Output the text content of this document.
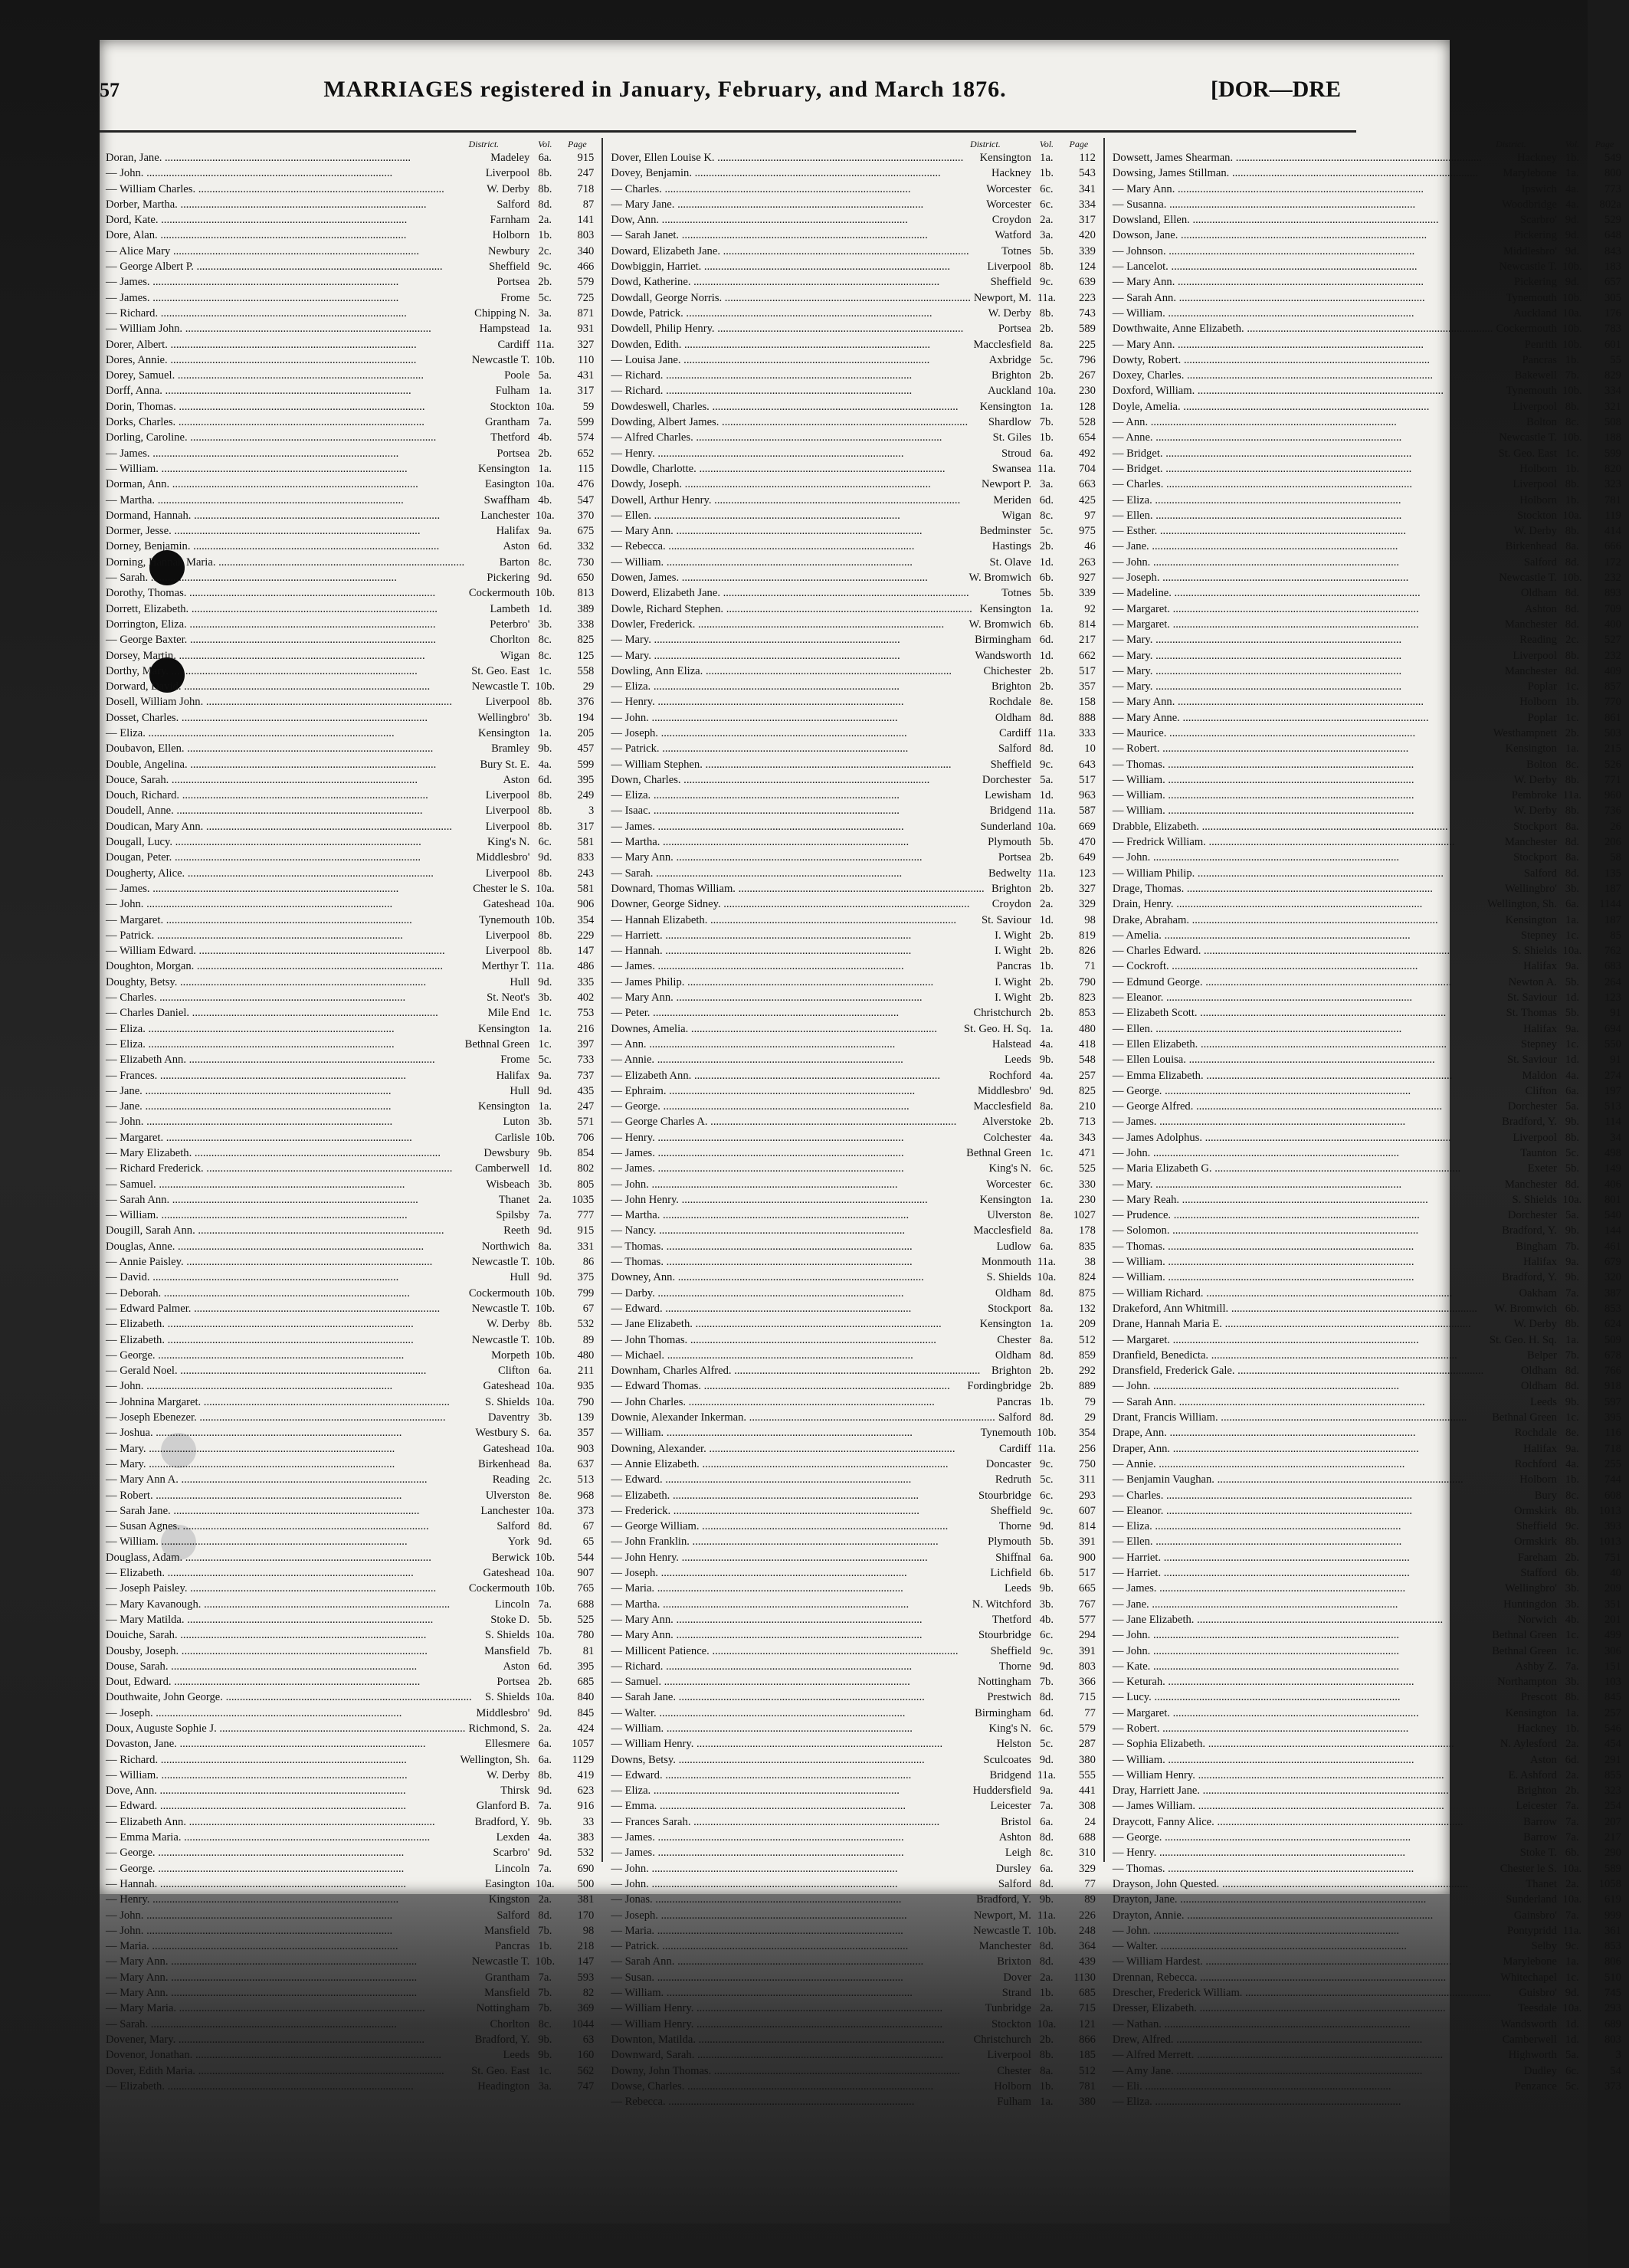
57	MARRIAGES registered in January, February, and March 1876.	[DOR—DRE
District.	Vol.	Page
Doran, Jane. .....	Madeley 6a.	915
— John. .....	Liverpool 8b.	247
— William Charles. .....	W. Derby 8b.	718
Dorber, Martha. .....	Salford 8d.	87
Dord, Kate. .....	Farnham 2a.	141
Dore, Alan. .....	Holborn 1b.	803
— Alice Mary .....	Newbury 2c.	340
— George Albert P. .....	Sheffield 9c.	466
— James. .....	Portsea 2b.	579
— James. .....	Frome 5c.	725
— Richard. .....	Chipping N. 3a.	871
— William John. .....	Hampstead 1a.	931
Dorer, Albert. .....	Cardiff 11a.	327
Dores, Annie. .....	Newcastle T. 10b.	110
Dorey, Samuel. .....	Poole 5a.	431
Dorff, Anna. .....	Fulham 1a.	317
Dorin, Thomas. .....	Stockton 10a.	59
Dorks, Charles. .....	Grantham 7a.	599
Dorling, Caroline. .....	Thetford 4b.	574
— James. .....	Portsea 2b.	652
— William. .....	Kensington 1a.	115
Dorman, Ann. .....	Easington 10a.	476
— Martha. .....	Swaffham 4b.	547
Dormand, Hannah. .....	Lanchester 10a.	370
Dormer, Jesse. .....	Halifax 9a.	675
Dorney, Benjamin. .....	Aston 6d.	332
Dorning, Hannah Maria. .....	Barton 8c.	730
— Sarah. .....	Pickering 9d.	650
Dorothy, Thomas. .....	Cockermouth 10b.	813
Dorrett, Elizabeth. .....	Lambeth 1d.	389
Dorrington, Eliza. .....	Peterbro' 3b.	338
— George Baxter. .....	Chorlton 8c.	825
Dorsey, Martin. .....	Wigan 8c.	125
Dorthy, Mary. .....	St. Geo. East 1c.	558
Dorward, David. .....	Newcastle T. 10b.	29
Dosell, William John. .....	Liverpool 8b.	376
Dosset, Charles. .....	Wellingbro' 3b.	194
— Eliza. .....	Kensington 1a.	205
Doubavon, Ellen. .....	Bramley 9b.	457
Double, Angelina. .....	Bury St. E. 4a.	599
Douce, Sarah. .....	Aston 6d.	395
Douch, Richard. .....	Liverpool 8b.	249
Doudell, Anne. .....	Liverpool 8b.	3
Doudican, Mary Ann. .....	Liverpool 8b.	317
Dougall, Lucy. .....	King's N. 6c.	581
Dougan, Peter. .....	Middlesbro' 9d.	833
Dougherty, Alice. .....	Liverpool 8b.	243
— James. .....	Chester le S. 10a.	581
— John. .....	Gateshead 10a.	906
— Margaret. .....	Tynemouth 10b.	354
— Patrick. .....	Liverpool 8b.	229
— William Edward. .....	Liverpool 8b.	147
Doughton, Morgan. .....	Merthyr T. 11a.	486
Doughty, Betsy. .....	Hull 9d.	335
— Charles. .....	St. Neot's 3b.	402
— Charles Daniel. .....	Mile End 1c.	753
— Eliza. .....	Kensington 1a.	216
— Eliza. .....	Bethnal Green 1c.	397
— Elizabeth Ann. .....	Frome 5c.	733
— Frances. .....	Halifax 9a.	737
— Jane. .....	Hull 9d.	435
— Jane. .....	Kensington 1a.	247
— John. .....	Luton 3b.	571
— Margaret. .....	Carlisle 10b.	706
— Mary Elizabeth. .....	Dewsbury 9b.	854
— Richard Frederick. .....	Camberwell 1d.	802
— Samuel. .....	Wisbeach 3b.	805
— Sarah Ann. .....	Thanet 2a.	1035
— William. .....	Spilsby 7a.	777
Dougill, Sarah Ann. .....	Reeth 9d.	915
Douglas, Anne. .....	Northwich 8a.	331
— Annie Paisley. .....	Newcastle T. 10b.	86
— David. .....	Hull 9d.	375
— Deborah. .....	Cockermouth 10b.	799
— Edward Palmer. .....	Newcastle T. 10b.	67
— Elizabeth. .....	W. Derby 8b.	532
— Elizabeth. .....	Newcastle T. 10b.	89
— George. .....	Morpeth 10b.	480
— Gerald Noel. .....	Clifton 6a.	211
— John. .....	Gateshead 10a.	935
— Johnina Margaret. .....	S. Shields 10a.	790
— Joseph Ebenezer. .....	Daventry 3b.	139
— Joshua. .....	Westbury S. 6a.	357
— Mary. .....	Gateshead 10a.	903
— Mary. .....	Birkenhead 8a.	637
— Mary Ann A. .....	Reading 2c.	513
— Robert. .....	Ulverston 8e.	968
— Sarah Jane. .....	Lanchester 10a.	373
— Susan Agnes. .....	Salford 8d.	67
— William. .....	York 9d.	65
Douglass, Adam. .....	Berwick 10b.	544
— Elizabeth. .....	Gateshead 10a.	907
— Joseph Paisley. .....	Cockermouth 10b.	765
— Mary Kavanough. .....	Lincoln 7a.	688
— Mary Matilda. .....	Stoke D. 5b.	525
Douiche, Sarah. .....	S. Shields 10a.	780
Dousby, Joseph. .....	Mansfield 7b.	81
Douse, Sarah. .....	Aston 6d.	395
Dout, Edward. .....	Portsea 2b.	685
Douthwaite, John George. .....	S. Shields 10a.	840
— Joseph. .....	Middlesbro' 9d.	845
Doux, Auguste Sophie J. .....	Richmond, S. 2a.	424
Dovaston, Jane. .....	Ellesmere 6a.	1057
— Richard. .....	Wellington, Sh. 6a.	1129
— William. .....	W. Derby 8b.	419
Dove, Ann. .....	Thirsk 9d.	623
— Edward. .....	Glanford B. 7a.	916
— Elizabeth Ann. .....	Bradford, Y. 9b.	33
— Emma Maria. .....	Lexden 4a.	383
— George. .....	Scarbro' 9d.	532
— George. .....	Lincoln 7a.	690
— Hannah. .....	Easington 10a.	500
— Henry. .....	Kingston 2a.	381
— John. .....	Salford 8d.	170
— John. .....	Mansfield 7b.	98
— Maria. .....	Pancras 1b.	218
— Mary Ann. .....	Newcastle T. 10b.	147
— Mary Ann. .....	Grantham 7a.	593
— Mary Ann. .....	Mansfield 7b.	82
— Mary Maria. .....	Nottingham 7b.	369
— Sarah. .....	Chorlton 8c.	1044
Dovener, Mary. .....	Bradford, Y. 9b.	63
Dovenor, Jonathan. .....	Leeds 9b.	160
Dover, Edith Maria. .....	St. Geo. East 1c.	562
— Elizabeth. .....	Headington 3a.	747
District.	Vol.	Page
Dover, Ellen Louise K. .....	Kensington 1a.	112
Dovey, Benjamin. .....	Hackney 1b.	543
— Charles. .....	Worcester 6c.	341
— Mary Jane. .....	Worcester 6c.	334
Dow, Ann. .....	Croydon 2a.	317
— Sarah Janet. .....	Watford 3a.	420
Doward, Elizabeth Jane. .....	Totnes 5b.	339
Dowbiggin, Harriet. .....	Liverpool 8b.	124
Dowd, Katherine. .....	Sheffield 9c.	639
Dowdall, George Norris. .....	Newport, M. 11a.	223
Dowde, Patrick. .....	W. Derby 8b.	743
Dowdell, Philip Henry. .....	Portsea 2b.	589
Dowden, Edith. .....	Macclesfield 8a.	225
— Louisa Jane. .....	Axbridge 5c.	796
— Richard. .....	Brighton 2b.	267
— Richard. .....	Auckland 10a.	230
Dowdeswell, Charles. .....	Kensington 1a.	128
Dowding, Albert James. .....	Shardlow 7b.	528
— Alfred Charles. .....	St. Giles 1b.	654
— Henry. .....	Stroud 6a.	492
Dowdle, Charlotte. .....	Swansea 11a.	704
Dowdy, Joseph. .....	Newport P. 3a.	663
Dowell, Arthur Henry. .....	Meriden 6d.	425
— Ellen. .....	Wigan 8c.	97
— Mary Ann. .....	Bedminster 5c.	975
— Rebecca. .....	Hastings 2b.	46
— William. .....	St. Olave 1d.	263
Dowen, James. .....	W. Bromwich 6b.	927
Dowerd, Elizabeth Jane. .....	Totnes 5b.	339
Dowle, Richard Stephen. .....	Kensington 1a.	92
Dowler, Frederick. .....	W. Bromwich 6b.	814
— Mary. .....	Birmingham 6d.	217
— Mary. .....	Wandsworth 1d.	662
Dowling, Ann Eliza. .....	Chichester 2b.	517
— Eliza. .....	Brighton 2b.	357
— Henry. .....	Rochdale 8e.	158
— John. .....	Oldham 8d.	888
— Joseph. .....	Cardiff 11a.	333
— Patrick. .....	Salford 8d.	10
— William Stephen. .....	Sheffield 9c.	643
Down, Charles. .....	Dorchester 5a.	517
— Eliza. .....	Lewisham 1d.	963
— Isaac. .....	Bridgend 11a.	587
— James. .....	Sunderland 10a.	669
— Martha. .....	Plymouth 5b.	470
— Mary Ann. .....	Portsea 2b.	649
— Sarah. .....	Bedwelty 11a.	123
Downard, Thomas William. .....	Brighton 2b.	327
Downer, George Sidney. .....	Croydon 2a.	329
— Hannah Elizabeth. .....	St. Saviour 1d.	98
— Harriett. .....	I. Wight 2b.	819
— Hannah. .....	I. Wight 2b.	826
— James. .....	Pancras 1b.	71
— James Philip. .....	I. Wight 2b.	790
— Mary Ann. .....	I. Wight 2b.	823
— Peter. .....	Christchurch 2b.	853
Downes, Amelia. .....	St. Geo. H. Sq. 1a.	480
— Ann. .....	Halstead 4a.	418
— Annie. .....	Leeds 9b.	548
— Elizabeth Ann. .....	Rochford 4a.	257
— Ephraim. .....	Middlesbro' 9d.	825
— George. .....	Macclesfield 8a.	210
— George Charles A. .....	Alverstoke 2b.	713
— Henry. .....	Colchester 4a.	343
— James. .....	Bethnal Green 1c.	471
— James. .....	King's N. 6c.	525
— John. .....	Worcester 6c.	330
— John Henry. .....	Kensington 1a.	230
— Martha. .....	Ulverston 8e.	1027
— Nancy. .....	Macclesfield 8a.	178
— Thomas. .....	Ludlow 6a.	835
— Thomas. .....	Monmouth 11a.	38
Downey, Ann. .....	S. Shields 10a.	824
— Darby. .....	Oldham 8d.	875
— Edward. .....	Stockport 8a.	132
— Jane Elizabeth. .....	Kensington 1a.	209
— John Thomas. .....	Chester 8a.	512
— Michael. .....	Oldham 8d.	859
Downham, Charles Alfred. .....	Brighton 2b.	292
— Edward Thomas. .....	Fordingbridge 2b.	889
— John Charles. .....	Pancras 1b.	79
Downie, Alexander Inkerman. .....	Salford 8d.	29
— William. .....	Tynemouth 10b.	354
Downing, Alexander. .....	Cardiff 11a.	256
— Annie Elizabeth. .....	Doncaster 9c.	750
— Edward. .....	Redruth 5c.	311
— Elizabeth. .....	Stourbridge 6c.	293
— Frederick. .....	Sheffield 9c.	607
— George William. .....	Thorne 9d.	814
— John Franklin. .....	Plymouth 5b.	391
— John Henry. .....	Shiffnal 6a.	900
— Joseph. .....	Lichfield 6b.	517
— Maria. .....	Leeds 9b.	665
— Martha. .....	N. Witchford 3b.	767
— Mary Ann. .....	Thetford 4b.	577
— Mary Ann. .....	Stourbridge 6c.	294
— Millicent Patience. .....	Sheffield 9c.	391
— Richard. .....	Thorne 9d.	803
— Samuel. .....	Nottingham 7b.	366
— Sarah Jane. .....	Prestwich 8d.	715
— Walter. .....	Birmingham 6d.	77
— William. .....	King's N. 6c.	579
— William Henry. .....	Helston 5c.	287
Downs, Betsy. .....	Sculcoates 9d.	380
— Edward. .....	Bridgend 11a.	555
— Eliza. .....	Huddersfield 9a.	441
— Emma. .....	Leicester 7a.	308
— Frances Sarah. .....	Bristol 6a.	24
— James. .....	Ashton 8d.	688
— James. .....	Leigh 8c.	310
— John. .....	Dursley 6a.	329
— John. .....	Salford 8d.	77
— Jonas. .....	Bradford, Y. 9b.	89
— Joseph. .....	Newport, M. 11a.	226
— Maria. .....	Newcastle T. 10b.	248
— Patrick. .....	Manchester 8d.	364
— Sarah Ann. .....	Brixton 8d.	439
— Susan. .....	Dover 2a.	1130
— William. .....	Strand 1b.	685
— William Henry. .....	Tunbridge 2a.	715
— William Henry. .....	Stockton 10a.	121
Downton, Matilda. .....	Christchurch 2b.	866
Downward, Sarah. .....	Liverpool 8b.	185
Downy, John Thomas. .....	Chester 8a.	512
Dowse, Charles. .....	Holborn 1b.	781
— Rebecca. .....	Fulham 1a.	380
District.	Vol.	Page
Dowsett, James Shearman. .....	Hackney 1b.	549
Dowsing, James Stillman. .....	Marylebone 1a.	800
— Mary Ann. .....	Ipswich 4a.	773
— Susanna. .....	Woodbridge 4a.	802a
Dowsland, Ellen. .....	Scarbro' 9d.	529
Dowson, Jane. .....	Pickering 9d.	648
— Johnson. .....	Middlesbro' 9d.	843
— Lancelot. .....	Newcastle T. 10b.	183
— Mary Ann. .....	Pickering 9d.	657
— Sarah Ann. .....	Tynemouth 10b.	305
— William. .....	Auckland 10a.	176
Dowthwaite, Anne Elizabeth. .....	Cockermouth 10b.	783
— Mary Ann. .....	Penrith 10b.	601
Dowty, Robert. .....	Pancras 1b.	55
Doxey, Charles. .....	Bakewell 7b.	829
Doxford, William. .....	Tynemouth 10b.	334
Doyle, Amelia. .....	Liverpool 8b.	321
— Ann. .....	Bolton 8c.	508
— Anne. .....	Newcastle T. 10b.	188
— Bridget. .....	St. Geo. East 1c.	599
— Bridget. .....	Holborn 1b.	820
— Charles. .....	Liverpool 8b.	323
— Eliza. .....	Holborn 1b.	781
— Ellen. .....	Stockton 10a.	119
— Esther. .....	W. Derby 8b.	414
— Jane. .....	Birkenhead 8a.	666
— John. .....	Salford 8d.	172
— Joseph. .....	Newcastle T. 10b.	232
— Madeline. .....	Oldham 8d.	893
— Margaret. .....	Ashton 8d.	709
— Margaret. .....	Manchester 8d.	400
— Mary. .....	Reading 2c.	527
— Mary. .....	Liverpool 8b.	232
— Mary. .....	Manchester 8d.	409
— Mary. .....	Poplar 1c.	857
— Mary Ann. .....	Holborn 1b.	770
— Mary Anne. .....	Poplar 1c.	861
— Maurice. .....	Westhampnett 2b.	503
— Robert. .....	Kensington 1a.	215
— Thomas. .....	Bolton 8c.	526
— William. .....	W. Derby 8b.	771
— William. .....	Pembroke 11a.	960
— William. .....	W. Derby 8b.	736
Drabble, Elizabeth. .....	Stockport 8a.	26
— Fredrick William. .....	Manchester 8d.	206
— John. .....	Stockport 8a.	58
— William Philip. .....	Salford 8d.	135
Drage, Thomas. .....	Wellingbro' 3b.	187
Drain, Henry. .....	Wellington, Sh. 6a.	1144
Drake, Abraham. .....	Kensington 1a.	187
— Amelia. .....	Stepney 1c.	85
— Charles Edward. .....	S. Shields 10a.	762
— Cockroft. .....	Halifax 9a.	683
— Edmund George. .....	Newton A. 5b.	264
— Eleanor. .....	St. Saviour 1d.	123
— Elizabeth Scott. .....	St. Thomas 5b.	91
— Ellen. .....	Halifax 9a.	694
— Ellen Elizabeth. .....	Stepney 1c.	550
— Ellen Louisa. .....	St. Saviour 1d.	91
— Emma Elizabeth. .....	Maldon 4a.	274
— George. .....	Clifton 6a.	197
— George Alfred. .....	Dorchester 5a.	513
— James. .....	Bradford, Y. 9b.	114
— James Adolphus. .....	Liverpool 8b.	34
— John. .....	Taunton 5c.	498
— Maria Elizabeth G. .....	Exeter 5b.	149
— Mary. .....	Manchester 8d.	406
— Mary Reah. .....	S. Shields 10a.	801
— Prudence. .....	Dorchester 5a.	540
— Solomon. .....	Bradford, Y. 9b.	144
— Thomas. .....	Bingham 7b.	461
— William. .....	Halifax 9a.	679
— William. .....	Bradford, Y. 9b.	320
— William Richard. .....	Oakham 7a.	387
Drakeford, Ann Whitmill. .....	W. Bromwich 6b.	853
Drane, Hannah Maria E. .....	W. Derby 8b.	624
— Margaret. .....	St. Geo. H. Sq. 1a.	509
Dranfield, Benedicta. .....	Belper 7b.	678
Dransfield, Frederick Gale. .....	Oldham 8d.	766
— John. .....	Oldham 8d.	918
— Sarah Ann. .....	Leeds 9b.	597
Drant, Francis William. .....	Bethnal Green 1c.	395
Drape, Ann. .....	Rochdale 8e.	116
Draper, Ann. .....	Halifax 9a.	718
— Annie. .....	Rochford 4a.	255
— Benjamin Vaughan. .....	Holborn 1b.	744
— Charles. .....	Bury 8c.	608
— Eleanor. .....	Ormskirk 8b.	1013
— Eliza. .....	Sheffield 9c.	393
— Ellen. .....	Ormskirk 8b.	1013
— Harriet. .....	Fareham 2b.	751
— Harriet. .....	Stafford 6b.	40
— James. .....	Wellingbro' 3b.	209
— Jane. .....	Huntingdon 3b.	351
— Jane Elizabeth. .....	Norwich 4b.	201
— John. .....	Bethnal Green 1c.	499
— John. .....	Bethnal Green 1c.	306
— Kate. .....	Ashby Z. 7a.	151
— Keturah. .....	Northampton 3b.	103
— Lucy. .....	Prescott 8b.	845
— Margaret. .....	Kensington 1a.	257
— Robert. .....	Hackney 1b.	546
— Sophia Elizabeth. .....	N. Aylesford 2a.	454
— William. .....	Aston 6d.	291
— William Henry. .....	E. Ashford 2a.	855
Dray, Harriett Jane. .....	Brighton 2b.	323
— James William. .....	Leicester 7a.	254
Draycott, Fanny Alice. .....	Barrow 7a.	207
— George. .....	Barrow 7a.	217
— Henry. .....	Stoke T. 6b.	290
— Thomas. .....	Chester le S. 10a.	589
Drayson, John Quested. .....	Thanet 2a.	1058
Drayton, Jane. .....	Sunderland 10a.	619
Drayton, Annie. .....	Gainsbro' 7a.	999
— John. .....	Pontypridd 11a.	361
— Walter. .....	Selby 9c.	853
— William Hardest. .....	Marylebone 1a.	806
Drennan, Rebecca. .....	Whitechapel 1c.	510
Drescher, Frederick William. .....	Guisbro' 9d.	745
Dresser, Elizabeth. .....	Teesdale 10a.	293
— Nathan. .....	Wandsworth 1d.	689
Drew, Alfred. .....	Camberwell 1d.	803
— Alfred Merrett. .....	Highworth 5a.	3
— Amy Jane. .....	Dudley 6c.	54
— Eli. .....	Penzance 5c.	373
— Eliza. .....
